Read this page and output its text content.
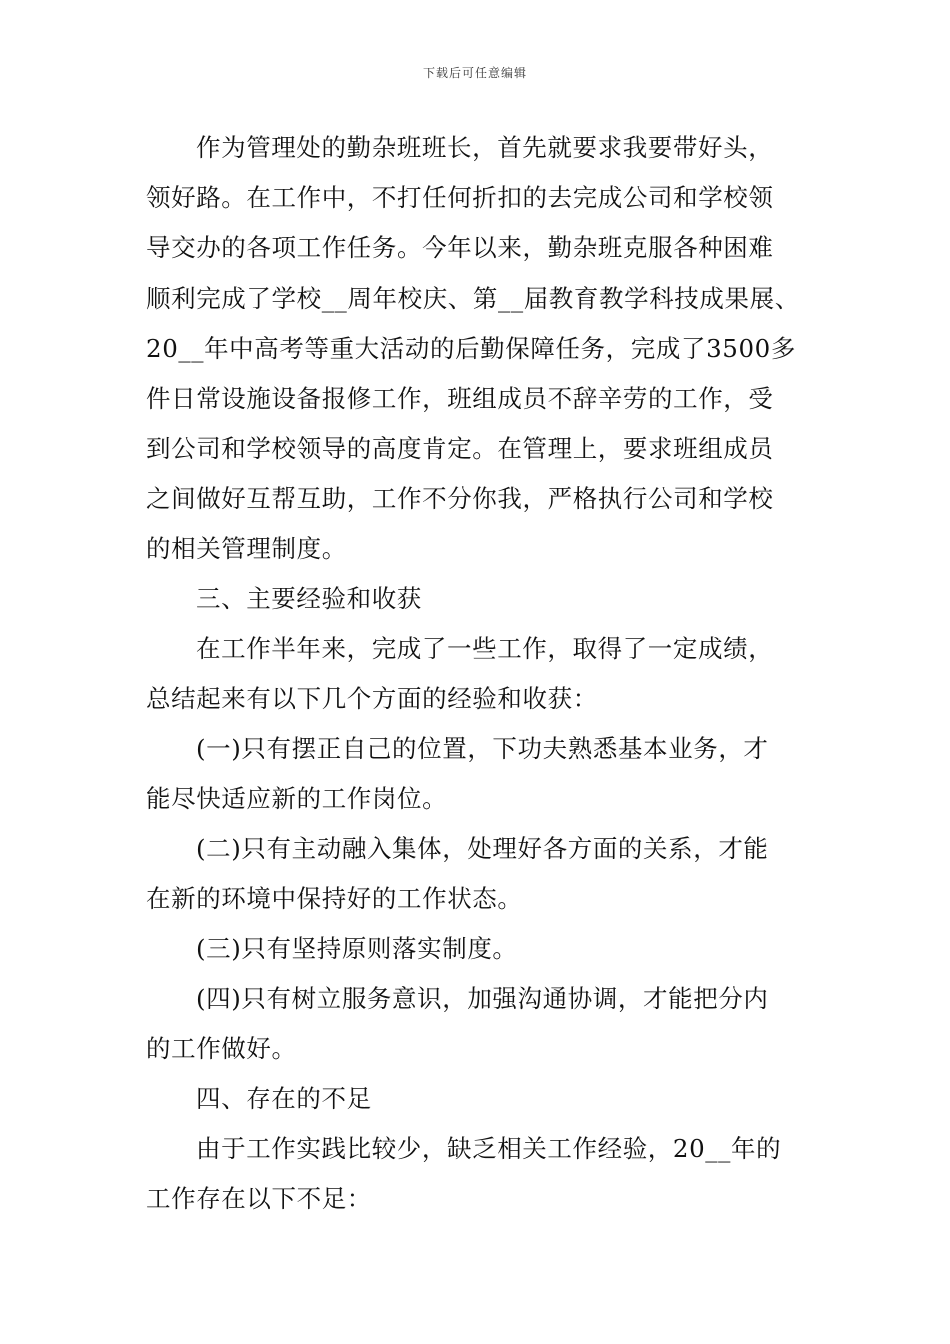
下载后可任意编辑
作为管理处的勤杂班班长，首先就要求我要带好头，
领好路。在工作中，不打任何折扣的去完成公司和学校领
导交办的各项工作任务。今年以来，勤杂班克服各种困难
顺利完成了学校__周年校庆、第__届教育教学科技成果展、
20__年中高考等重大活动的后勤保障任务，完成了3500多
件日常设施设备报修工作，班组成员不辞辛劳的工作，受
到公司和学校领导的高度肯定。在管理上，要求班组成员
之间做好互帮互助，工作不分你我，严格执行公司和学校
的相关管理制度。
三、主要经验和收获
在工作半年来，完成了一些工作，取得了一定成绩，
总结起来有以下几个方面的经验和收获：
(一)只有摆正自己的位置，下功夫熟悉基本业务，才
能尽快适应新的工作岗位。
(二)只有主动融入集体，处理好各方面的关系，才能
在新的环境中保持好的工作状态。
(三)只有坚持原则落实制度。
(四)只有树立服务意识，加强沟通协调，才能把分内
的工作做好。
四、存在的不足
由于工作实践比较少，缺乏相关工作经验，20__年的
工作存在以下不足：
